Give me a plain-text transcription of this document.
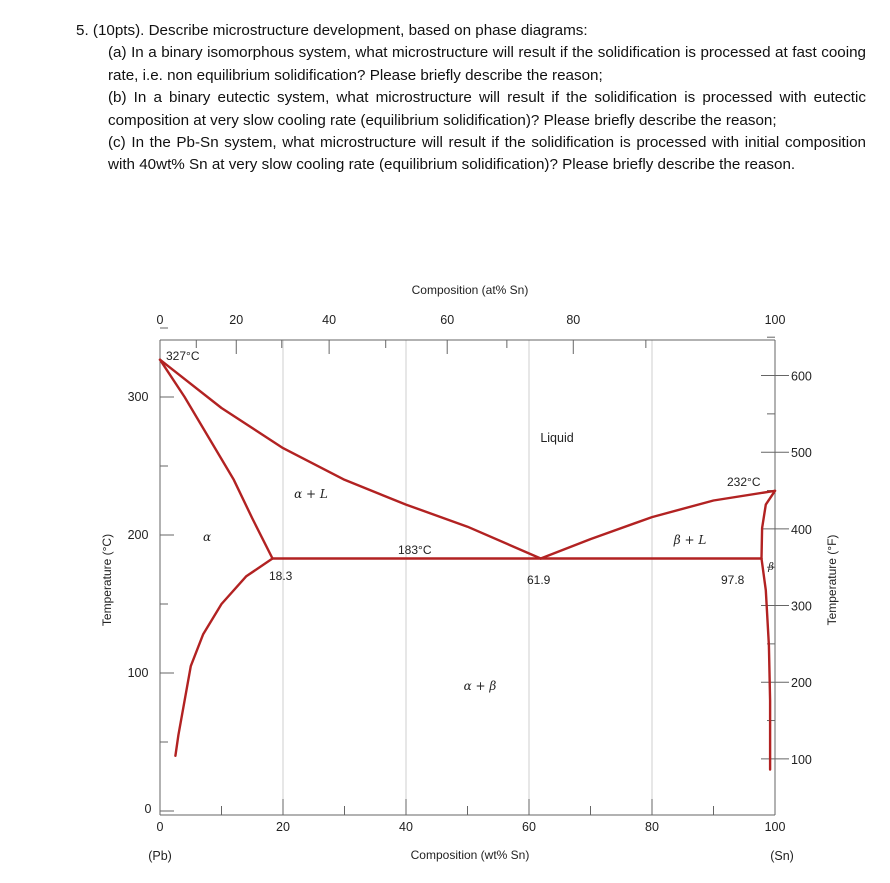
5. (10pts). Describe microstructure development, based on phase diagrams:

(a) In a binary isomorphous system, what microstructure will result if the solidification is processed at fast cooing rate, i.e. non equilibrium solidification? Please briefly describe the reason;

(b) In a binary eutectic system, what microstructure will result if the solidification is processed with eutectic composition at very slow cooling rate (equilibrium solidification)? Please briefly describe the reason;

(c) In the Pb-Sn system, what microstructure will result if the solidification is processed with initial composition with 40wt% Sn at very slow cooling rate (equilibrium solidification)? Please briefly describe the reason.

0	20	40	60	80	100
0
0	20	40	60	80	100
100
200
300
100
200
300
400
500
600
Composition (at% Sn)
Composition (wt% Sn)
Temperature (°C)	Temperature (°F)
(Pb)	(Sn)
Liquid
α + L
α	β + L
α + β
β
327°C
232°C
183°C
18.3	61.9	97.8
